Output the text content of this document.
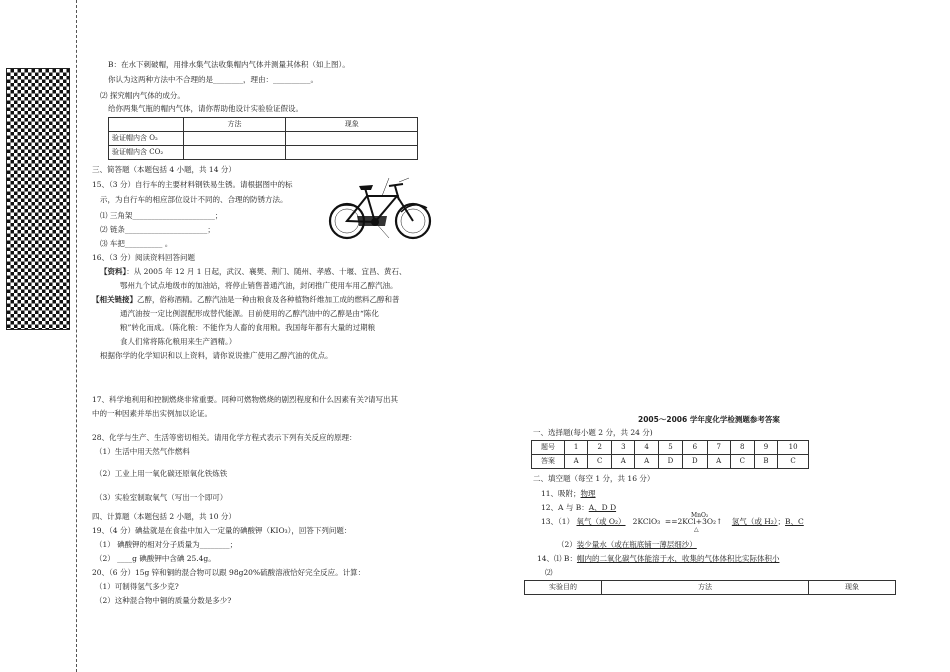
B：在水下刺破帽，用排水集气法收集帽内气体并测量其体积（如上图）。
你认为这两种方法中不合理的是________，理由：__________。
⑵ 探究帽内气体的成分。
给你两集气瓶的帽内气体，请你帮助他设计实验验证假设。
	方法	现象
验证帽内含 O₂		
验证帽内含 CO₂		
三、简答题（本题包括 4 小题，共 14 分）
15、（3 分）自行车的主要材料钢铁易生锈。请根据图中的标
示，为自行车的相应部位设计不同的、合理的防锈方法。
⑴ 三角架______________________；
⑵ 链条______________________；
⑶ 车把__________ 。
16、（3 分）阅读资料回答问题
【资料】：从 2005 年 12 月 1 日起，武汉、襄樊、荆门、随州、孝感、十堰、宜昌、黄石、
鄂州九个试点地级市的加油站，将停止销售普通汽油，封闭推广使用车用乙醇汽油。
【相关链接】乙醇，俗称酒精。乙醇汽油是一种由粮食及各种植物纤维加工成的燃料乙醇和普
通汽油按一定比例混配形成替代能源。目前使用的乙醇汽油中的乙醇是由“陈化
粮”转化而成。（陈化粮：不能作为人畜的食用粮。我国每年都有大量的过期粮
食人们常将陈化粮用来生产酒精。）
根据你学的化学知识和以上资料，请你说说推广使用乙醇汽油的优点。
17、科学地利用和控制燃烧非常重要。同种可燃物燃烧的剧烈程度和什么因素有关?请写出其
中的一种因素并举出实例加以论证。
28、化学与生产、生活等密切相关。请用化学方程式表示下列有关反应的原理：
（1）生活中用天然气作燃料
（2）工业上用一氧化碳还原氧化铁炼铁
（3）实验室制取氧气（写出一个即可）
四、计算题（本题包括 2 小题，共 10 分）
19、（4 分）碘盐就是在食盐中加入一定量的碘酸钾（KIO₃），回答下列问题：
（1） 碘酸钾的相对分子质量为________；
（2） ____g 碘酸钾中含碘 25.4g。
20、（6 分）15g 锌和铜的混合物可以跟 98g20%硫酸溶液恰好完全反应。计算：
（1）可制得氢气多少克?
（2）这种混合物中铜的质量分数是多少?
2005～2006 学年度化学检测题参考答案
一、选择题(每小题 2 分，共 24 分)
题号	1	2	3	4	5	6	7	8	9	10
答案	A	C	A	A	D	D	A	C	B	C
二、填空题（每空 1 分，共 16 分）
11、吸附；物理
12、A 与 B：A、D D
13、（1） 氧气（或 O₂） 2KClO₃ ==2KCl+3O₂↑ 氢气（或 H₂）；B、C
MnO₂
△
（2）装少量水（或在瓶底铺一薄层细沙）
14、⑴ B：帽内的二氧化碳气体能溶于水，收集的气体体积比实际体积小
⑵
实验目的	方法	现象
